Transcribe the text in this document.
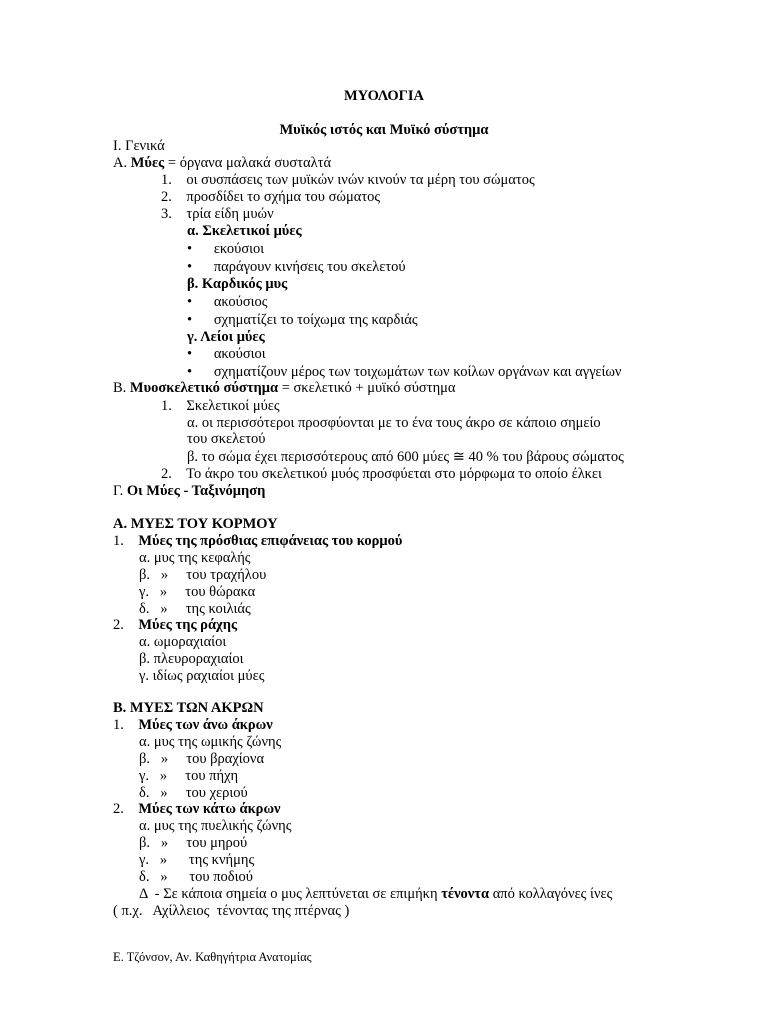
ΜΥΟΛΟΓΙΑ
Μυϊκός ιστός και Μυϊκό σύστημα
Ι. Γενικά
Α. Μύες = όργανα μαλακά συσταλτά
1.    οι συσπάσεις των μυϊκών ινών κινούν τα μέρη του σώματος
2.    προσδίδει το σχήμα του σώματος
3.    τρία είδη μυών
α. Σκελετικοί μύες
•      εκούσιοι
•      παράγουν κινήσεις του σκελετού
β. Καρδικός μυς
•      ακούσιος
•      σχηματίζει το τοίχωμα της καρδιάς
γ. Λείοι μύες
•      ακούσιοι
•      σχηματίζουν μέρος των τοιχωμάτων των κοίλων οργάνων και αγγείων
Β. Μυοσκελετικό σύστημα = σκελετικό + μυϊκό σύστημα
1.    Σκελετικοί μύες
α. οι περισσότεροι προσφύονται με το ένα τους άκρο σε κάποιο σημείο
του σκελετού
β. το σώμα έχει περισσότερους από 600 μύες ≅ 40 % του βάρους σώματος
2.    Το άκρο του σκελετικού μυός προσφύεται στο μόρφωμα το οποίο έλκει
Γ. Οι Μύες - Ταξινόμηση
Α. ΜΥΕΣ ΤΟΥ ΚΟΡΜΟΥ
1.    Μύες της πρόσθιας επιφάνειας του κορμού
α. μυς της κεφαλής
β.   »     του τραχήλου
γ.   »     του θώρακα
δ.   »     της κοιλιάς
2.    Μύες της ράχης
α. ωμοραχιαίοι
β. πλευροραχιαίοι
γ. ιδίως ραχιαίοι μύες
Β. ΜΥΕΣ ΤΩΝ ΑΚΡΩΝ
1.    Μύες των άνω άκρων
α. μυς της ωμικής ζώνης
β.   »     του βραχίονα
γ.   »     του πήχη
δ.   »     του χεριού
2.    Μύες των κάτω άκρων
α. μυς της πυελικής ζώνης
β.   »     του μηρού
γ.   »      της κνήμης
δ.   »      του ποδιού
Δ  - Σε κάποια σημεία ο μυς λεπτύνεται σε επιμήκη τένοντα από κολλαγόνες ίνες
( π.χ.   Αχίλλειος  τένοντας της πτέρνας )
Ε. Τζόνσον, Αν. Καθηγήτρια Ανατομίας
